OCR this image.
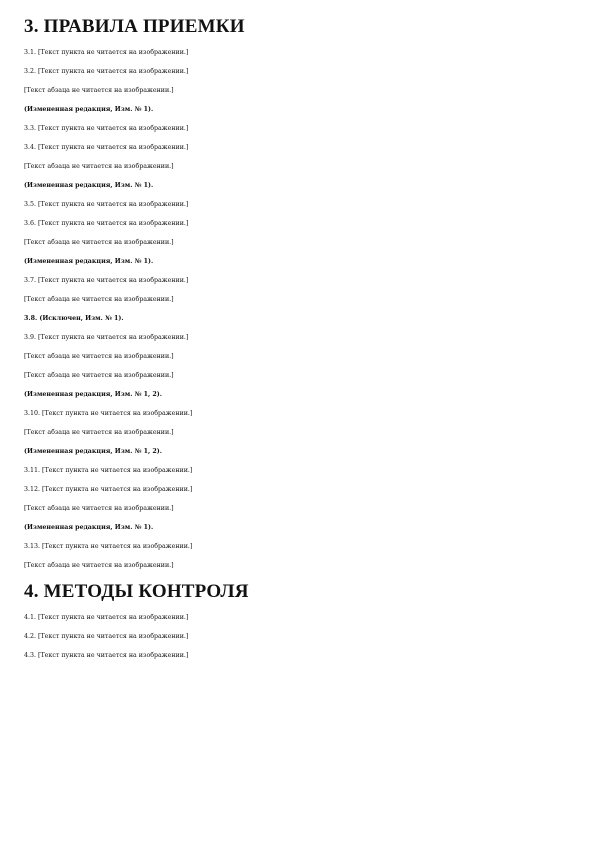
3. ПРАВИЛА ПРИЕМКИ

3.1. [Текст пункта не читается на изображении.]

3.2. [Текст пункта не читается на изображении.]

[Текст абзаца не читается на изображении.]

(Измененная редакция, Изм. № 1).

3.3. [Текст пункта не читается на изображении.]

3.4. [Текст пункта не читается на изображении.]

[Текст абзаца не читается на изображении.]

(Измененная редакция, Изм. № 1).

3.5. [Текст пункта не читается на изображении.]

3.6. [Текст пункта не читается на изображении.]

[Текст абзаца не читается на изображении.]

(Измененная редакция, Изм. № 1).

3.7. [Текст пункта не читается на изображении.]

[Текст абзаца не читается на изображении.]

3.8. (Исключен, Изм. № 1).

3.9. [Текст пункта не читается на изображении.]

[Текст абзаца не читается на изображении.]

[Текст абзаца не читается на изображении.]

(Измененная редакция, Изм. № 1, 2).

3.10. [Текст пункта не читается на изображении.]

[Текст абзаца не читается на изображении.]

(Измененная редакция, Изм. № 1, 2).

3.11. [Текст пункта не читается на изображении.]

3.12. [Текст пункта не читается на изображении.]

[Текст абзаца не читается на изображении.]

(Измененная редакция, Изм. № 1).

3.13. [Текст пункта не читается на изображении.]

[Текст абзаца не читается на изображении.]

4. МЕТОДЫ КОНТРОЛЯ

4.1. [Текст пункта не читается на изображении.]

4.2. [Текст пункта не читается на изображении.]

4.3. [Текст пункта не читается на изображении.]
